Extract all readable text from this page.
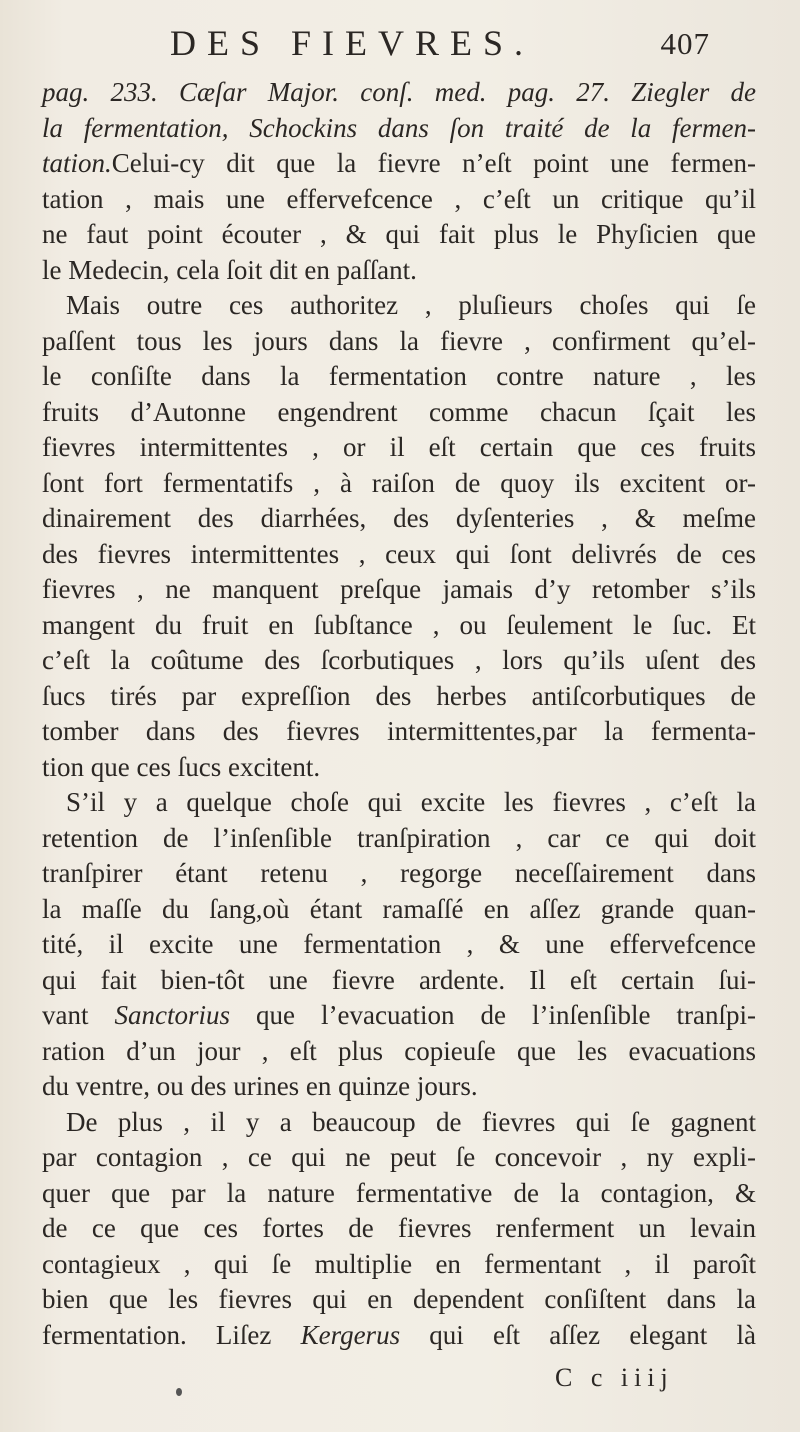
DES FIEVRES.	407
pag. 233. Cæſar Major. conſ. med. pag. 27. Ziegler de
la fermentation, Schockins dans ſon traité de la fermen-
tation.Celui-cy dit que la fievre n’eſt point une fermen-
tation , mais une effervefcence , c’eſt un critique qu’il
ne faut point écouter , & qui fait plus le Phyſicien que
le Medecin, cela ſoit dit en paſſant.
Mais outre ces authoritez , pluſieurs choſes qui ſe
paſſent tous les jours dans la fievre , confirment qu’el-
le conſiſte dans la fermentation contre nature , les
fruits d’Autonne engendrent comme chacun ſçait les
fievres intermittentes , or il eſt certain que ces fruits
ſont fort fermentatifs , à raiſon de quoy ils excitent or-
dinairement des diarrhées, des dyſenteries , & meſme
des fievres intermittentes , ceux qui ſont delivrés de ces
fievres , ne manquent preſque jamais d’y retomber s’ils
mangent du fruit en ſubſtance , ou ſeulement le ſuc. Et
c’eſt la coûtume des ſcorbutiques , lors qu’ils uſent des
ſucs tirés par expreſſion des herbes antiſcorbutiques de
tomber dans des fievres intermittentes,par la fermenta-
tion que ces ſucs excitent.
S’il y a quelque choſe qui excite les fievres , c’eſt la
retention de l’inſenſible tranſpiration , car ce qui doit
tranſpirer étant retenu , regorge neceſſairement dans
la maſſe du ſang,où étant ramaſſé en aſſez grande quan-
tité, il excite une fermentation , & une effervefcence
qui fait bien-tôt une fievre ardente. Il eſt certain ſui-
vant Sanctorius que l’evacuation de l’inſenſible tranſpi-
ration d’un jour , eſt plus copieuſe que les evacuations
du ventre, ou des urines en quinze jours.
De plus , il y a beaucoup de fievres qui ſe gagnent
par contagion , ce qui ne peut ſe concevoir , ny expli-
quer que par la nature fermentative de la contagion, &
de ce que ces fortes de fievres renferment un levain
contagieux , qui ſe multiplie en fermentant , il paroît
bien que les fievres qui en dependent conſiſtent dans la
fermentation. Liſez Kergerus qui eſt aſſez elegant là
C c iiij
